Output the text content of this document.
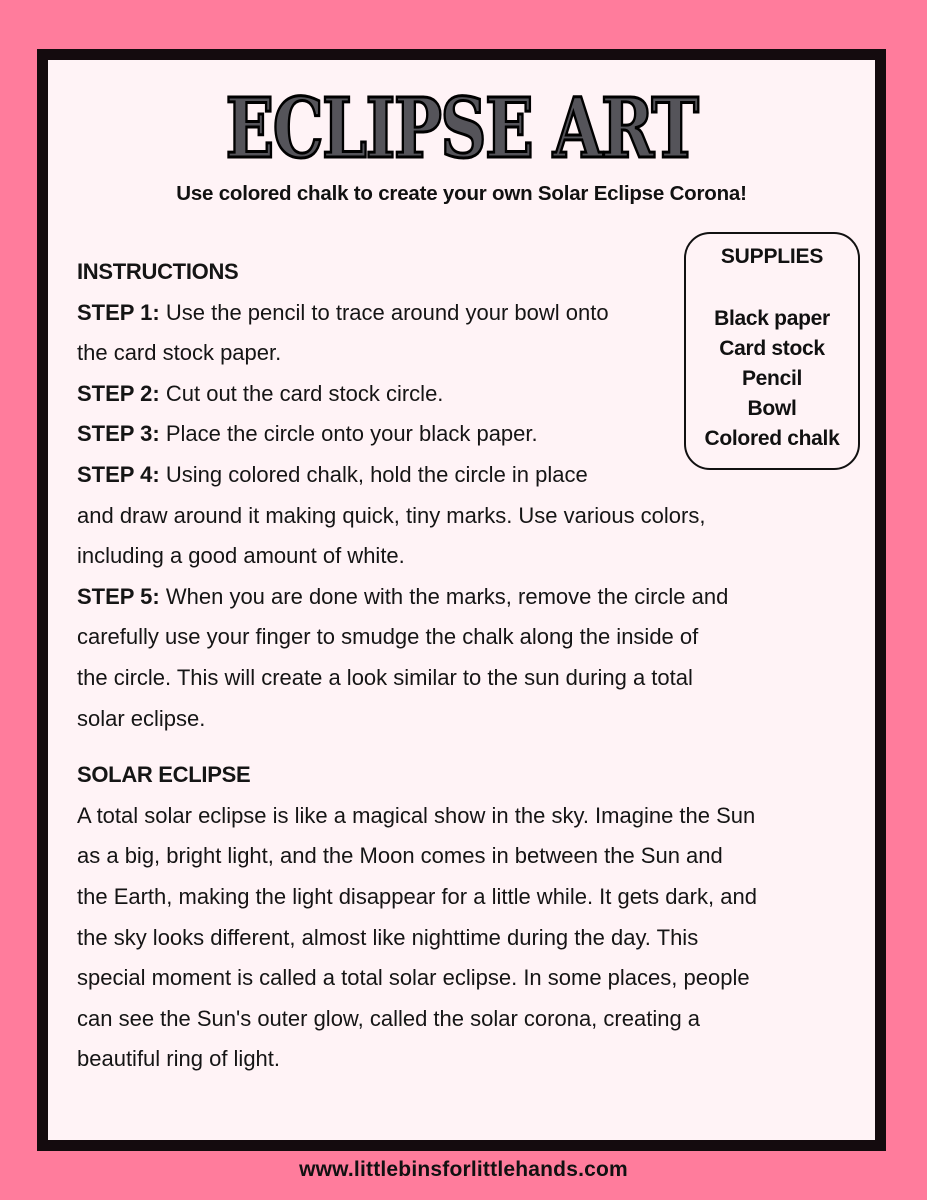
ECLIPSE ART
Use colored chalk to create your own Solar Eclipse Corona!
INSTRUCTIONS

STEP 1: Use the pencil to trace around your bowl onto

the card stock paper.

STEP 2: Cut out the card stock circle.

STEP 3: Place the circle onto your black paper.

STEP 4: Using colored chalk, hold the circle in place

and draw around it making quick, tiny marks. Use various colors,

including a good amount of white.

STEP 5: When you are done with the marks, remove the circle and

carefully use your finger to smudge the chalk along the inside of

the circle. This will create a look similar to the sun during a total

solar eclipse.

SOLAR ECLIPSE

A total solar eclipse is like a magical show in the sky. Imagine the Sun

as a big, bright light, and the Moon comes in between the Sun and

the Earth, making the light disappear for a little while. It gets dark, and

the sky looks different, almost like nighttime during the day. This

special moment is called a total solar eclipse. In some places, people

can see the Sun's outer glow, called the solar corona, creating a

beautiful ring of light.

SUPPLIES
Black paper
Card stock
Pencil
Bowl
Colored chalk
www.littlebinsforlittlehands.com
